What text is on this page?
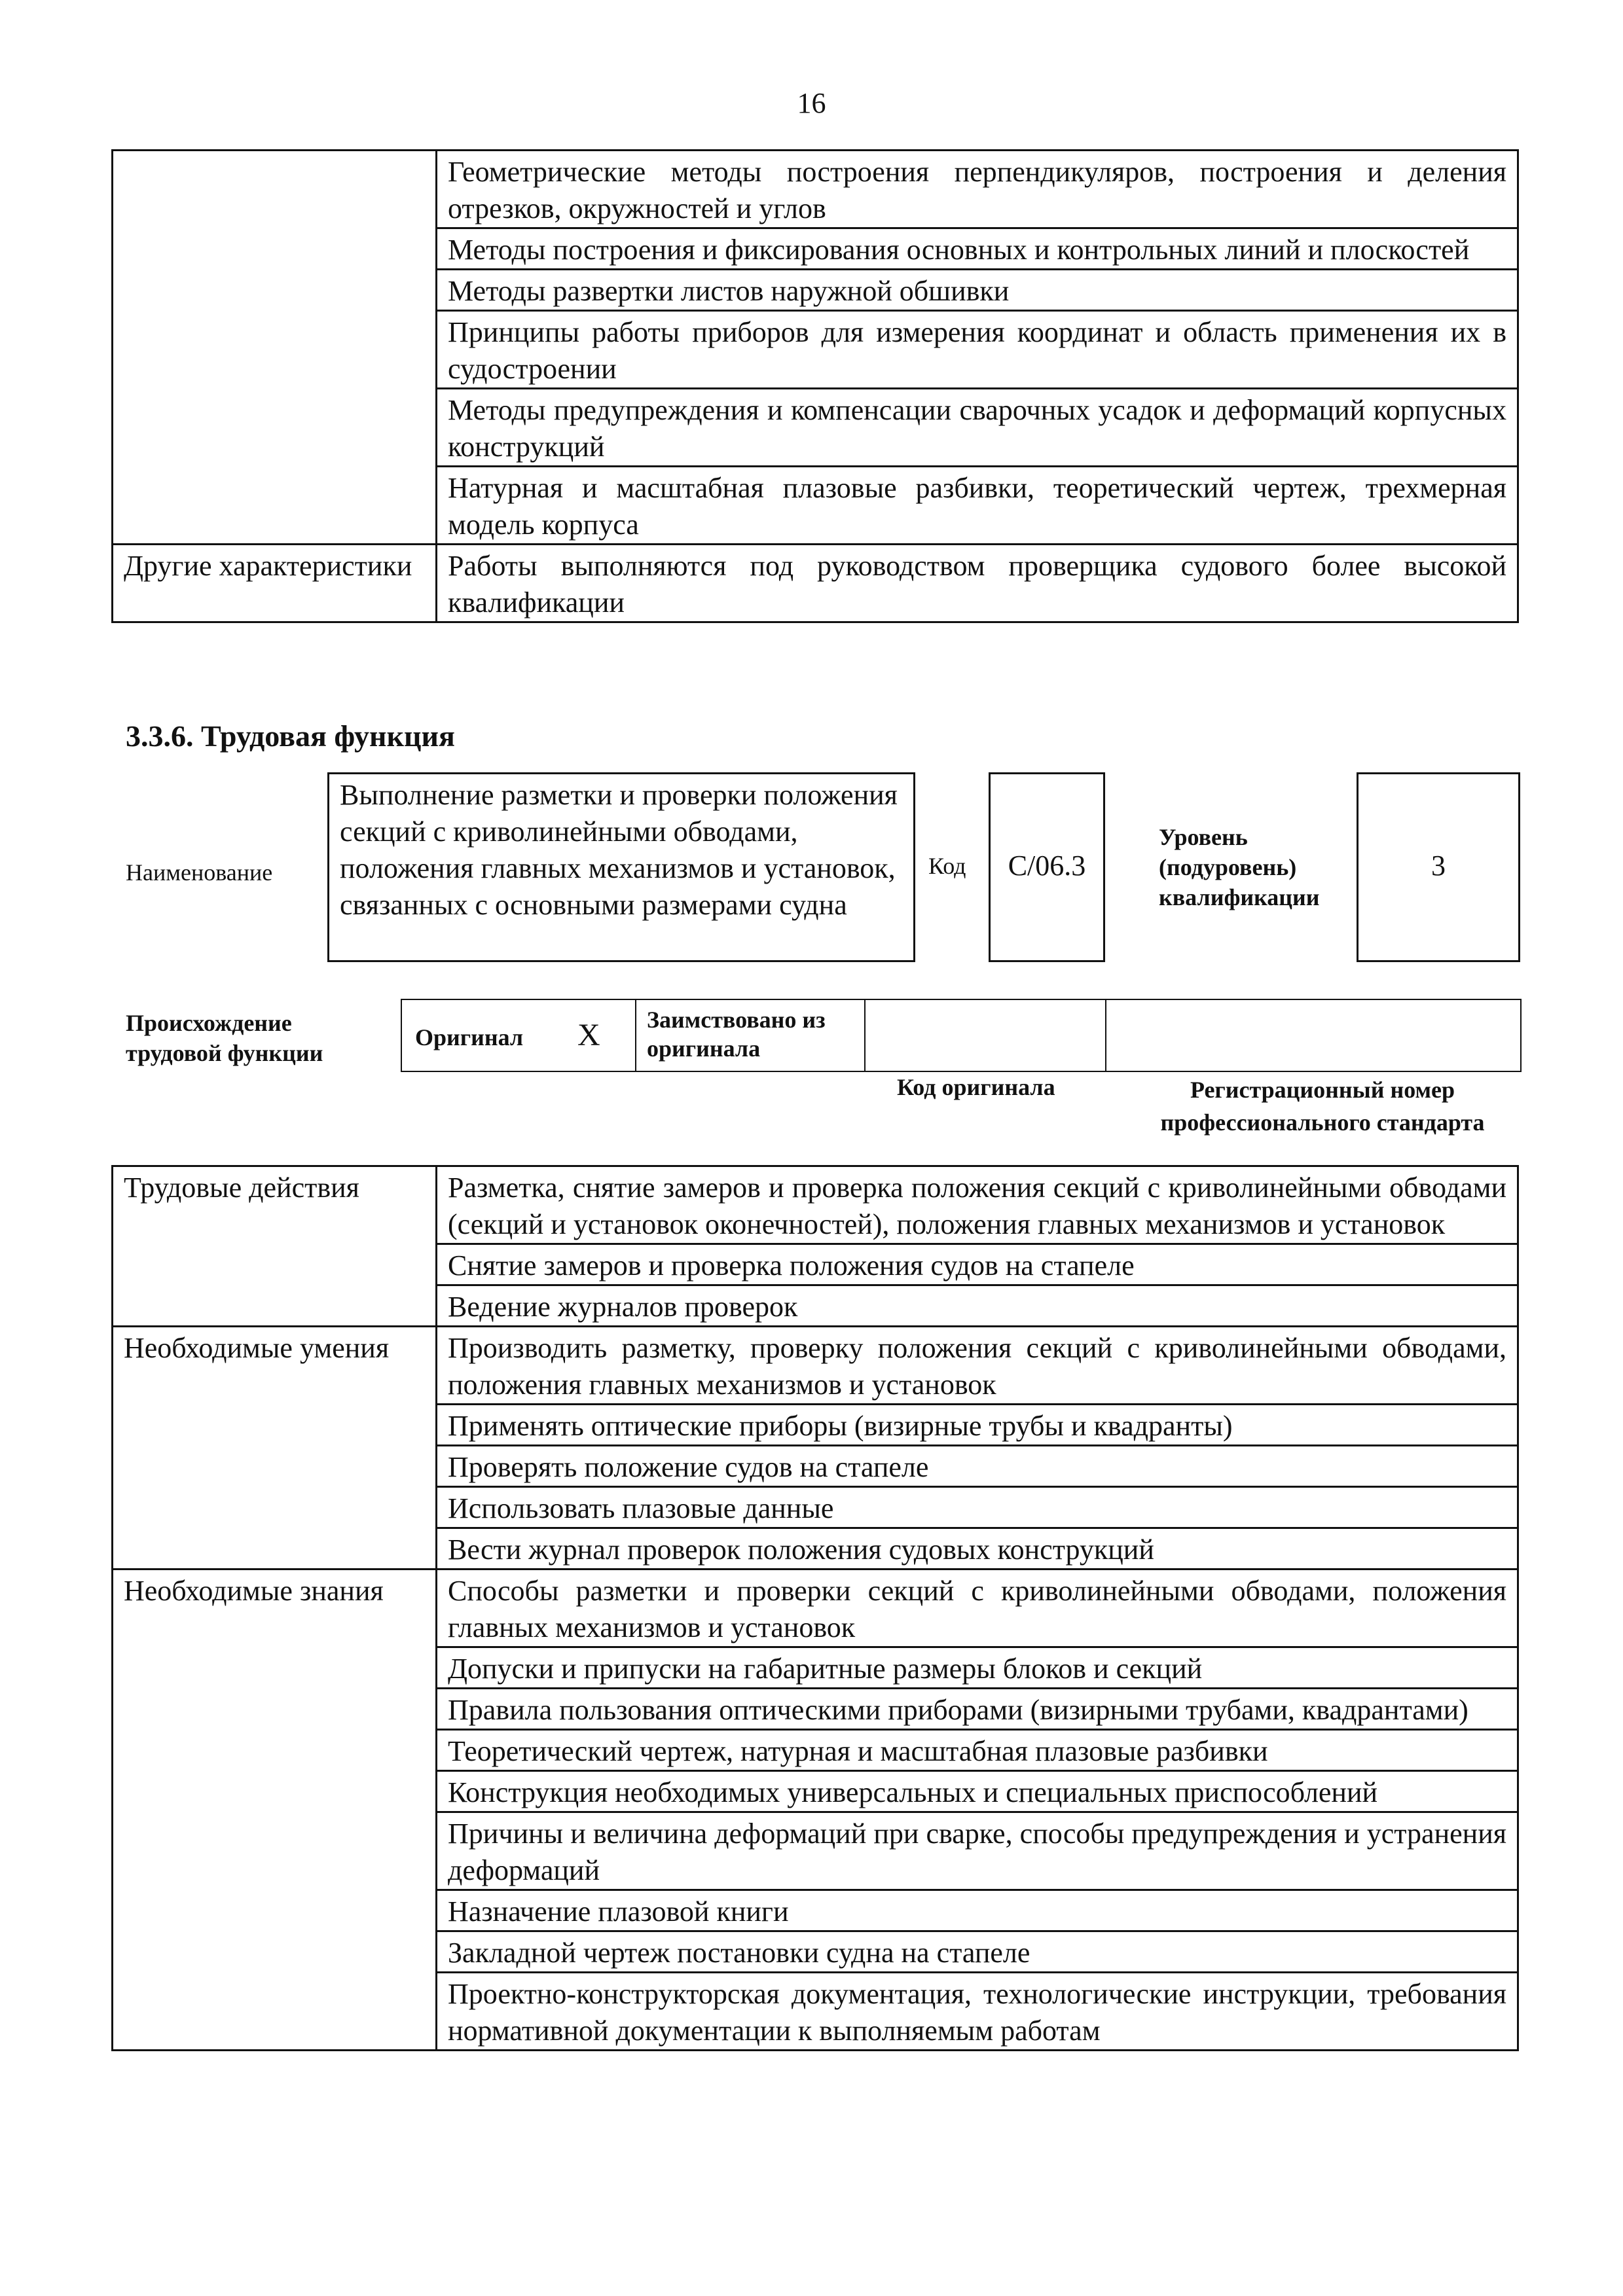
16
	Геометрические методы построения перпендикуляров, построения и деления отрезков, окружностей и углов
	Методы построения и фиксирования основных и контрольных линий и плоскостей
	Методы развертки листов наружной обшивки
	Принципы работы приборов для измерения координат и область применения их в судостроении
	Методы предупреждения и компенсации сварочных усадок и деформаций корпусных конструкций
	Натурная и масштабная плазовые разбивки, теоретический чертеж, трехмерная модель корпуса
Другие характеристики	Работы выполняются под руководством проверщика судового более высокой квалификации
3.3.6. Трудовая функция
Наименование
Выполнение разметки и проверки положения секций с криволинейными обводами, положения главных механизмов и установок, связанных с основными размерами судна
Код	C/06.3
Уровень (подуровень) квалификации
3
Происхождение трудовой функции
Оригинал X Заимствовано из оригинала
Код оригинала	Регистрационный номер профессионального стандарта
Трудовые действия	Разметка, снятие замеров и проверка положения секций с криволинейными обводами (секций и установок оконечностей), положения главных механизмов и установок
	Снятие замеров и проверка положения судов на стапеле
	Ведение журналов проверок
Необходимые умения	Производить разметку, проверку положения секций с криволинейными обводами, положения главных механизмов и установок
	Применять оптические приборы (визирные трубы и квадранты)
	Проверять положение судов на стапеле
	Использовать плазовые данные
	Вести журнал проверок положения судовых конструкций
Необходимые знания	Способы разметки и проверки секций с криволинейными обводами, положения главных механизмов и установок
	Допуски и припуски на габаритные размеры блоков и секций
	Правила пользования оптическими приборами (визирными трубами, квадрантами)
	Теоретический чертеж, натурная и масштабная плазовые разбивки
	Конструкция необходимых универсальных и специальных приспособлений
	Причины и величина деформаций при сварке, способы предупреждения и устранения деформаций
	Назначение плазовой книги
	Закладной чертеж постановки судна на стапеле
	Проектно-конструкторская документация, технологические инструкции, требования нормативной документации к выполняемым работам
